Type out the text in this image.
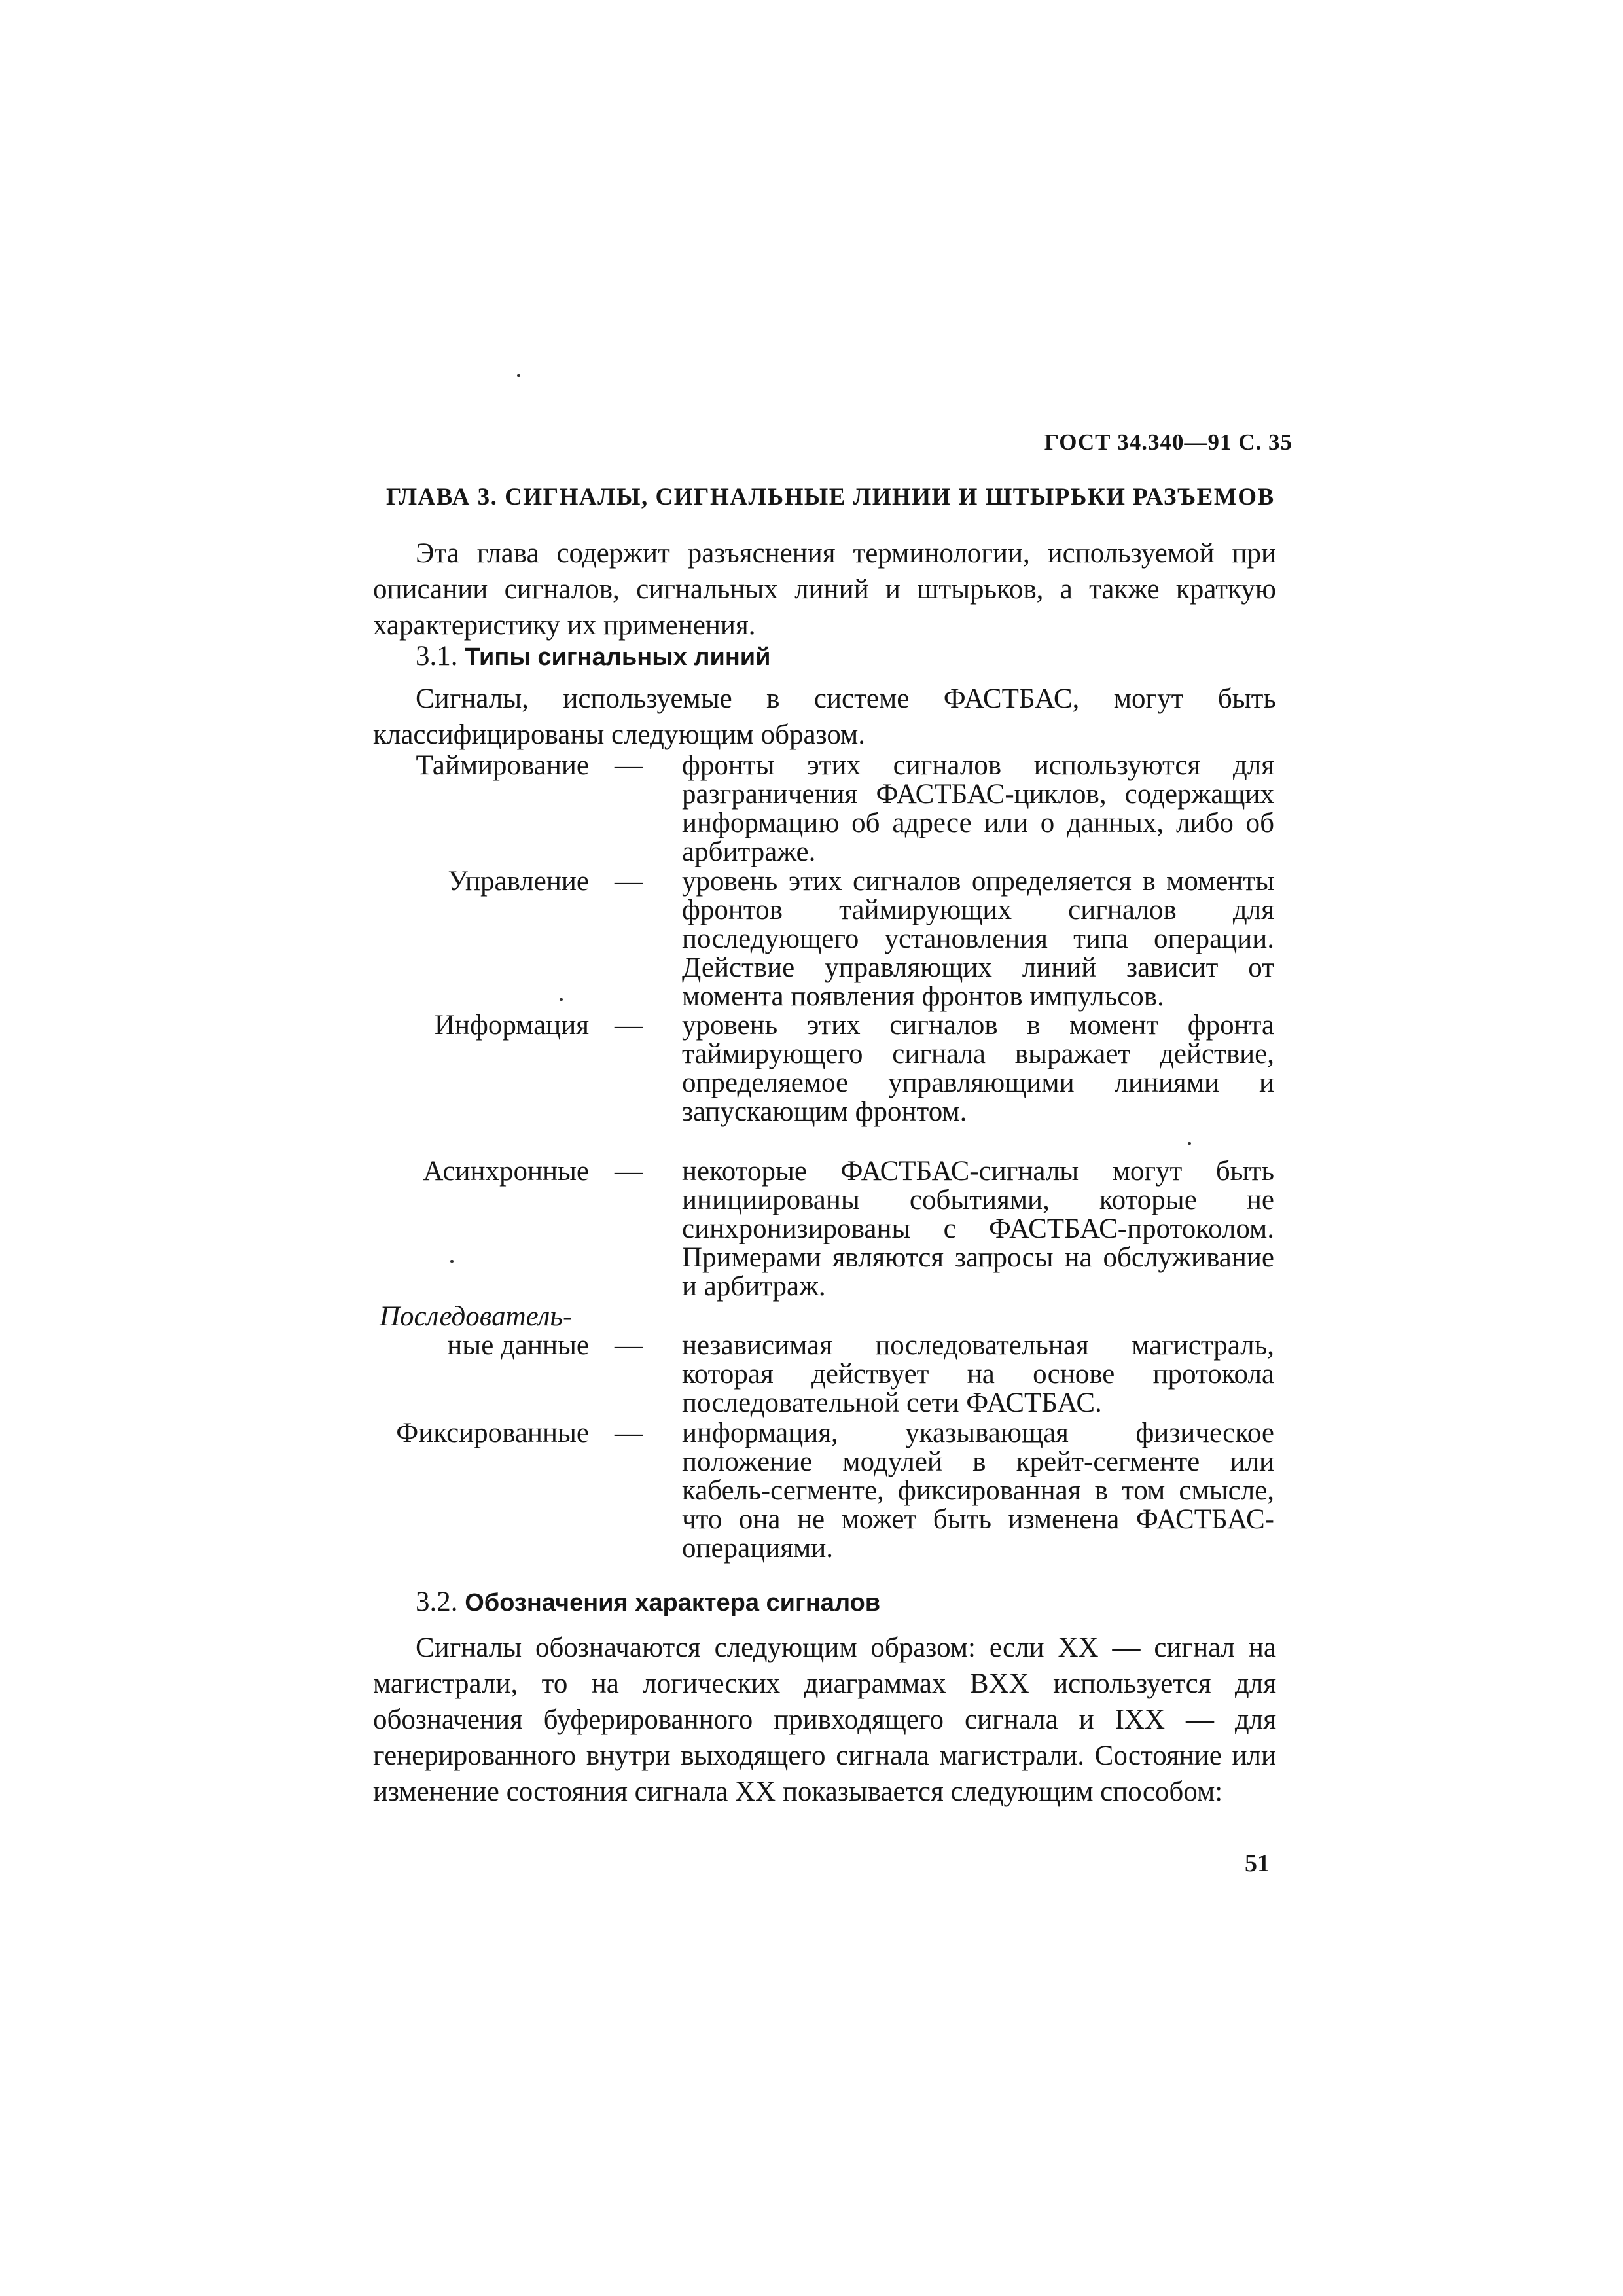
ГОСТ 34.340—91 С. 35
ГЛАВА 3. СИГНАЛЫ, СИГНАЛЬНЫЕ ЛИНИИ И ШТЫРЬКИ РАЗЪЕМОВ
Эта глава содержит разъяснения терминологии, используемой при описании сигналов, сигнальных линий и штырьков, а также краткую характеристику их применения.
3.1. Типы сигнальных линий
Сигналы, используемые в системе ФАСТБАС, могут быть классифицированы следующим образом.
Таймирование — фронты этих сигналов используются для разграничения ФАСТБАС-циклов, содержащих информацию об адресе или о данных, либо об арбитраже.
Управление — уровень этих сигналов определяется в моменты фронтов таймирующих сигналов для последующего установления типа операции. Действие управляющих линий зависит от момента появления фронтов импульсов.
Информация — уровень этих сигналов в момент фронта таймирующего сигнала выражает действие, определяемое управляющими линиями и запускающим фронтом.
Асинхронные — некоторые ФАСТБАС-сигналы могут быть инициированы событиями, которые не синхронизированы с ФАСТБАС-протоколом. Примерами являются запросы на обслуживание и арбитраж.
Последователь-
ные данные — независимая последовательная магистраль, которая действует на основе протокола последовательной сети ФАСТБАС.
Фиксированные — информация, указывающая физическое положение модулей в крейт-сегменте или кабель-сегменте, фиксированная в том смысле, что она не может быть изменена ФАСТБАС-операциями.
3.2. Обозначения характера сигналов
Сигналы обозначаются следующим образом: если XX — сигнал на магистрали, то на логических диаграммах BXX используется для обозначения буферированного привходящего сигнала и IXX — для генерированного внутри выходящего сигнала магистрали. Состояние или изменение состояния сигнала XX показывается следующим способом:
51
